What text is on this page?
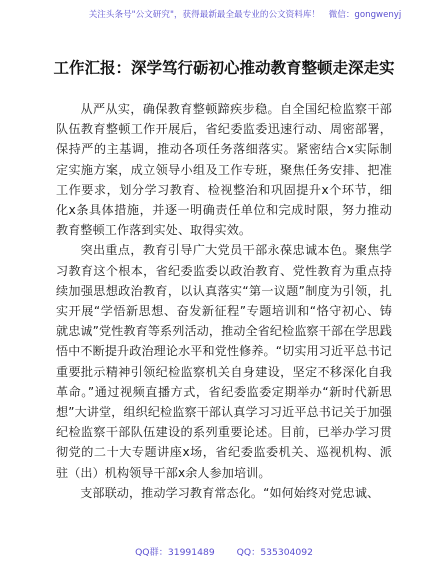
关注头条号"公文研究"，获得最新最全最专业的公文资料库！　微信：gongwenyj
工作汇报：深学笃行砺初心推动教育整顿走深走实

从严从实，确保教育整顿蹄疾步稳。自全国纪检监察干部队伍教育整顿工作开展后，省纪委监委迅速行动、周密部署，保持严的主基调，推动各项任务落细落实。紧密结合x实际制定实施方案，成立领导小组及工作专班，聚焦任务安排、把准工作要求，划分学习教育、检视整治和巩固提升x个环节，细化x条具体措施，并逐一明确责任单位和完成时限，努力推动教育整顿工作落到实处、取得实效。

突出重点，教育引导广大党员干部永葆忠诚本色。聚焦学习教育这个根本，省纪委监委以政治教育、党性教育为重点持续加强思想政治教育，以认真落实“第一议题”制度为引领，扎实开展“学悟新思想、奋发新征程”专题培训和“恪守初心、铸就忠诚”党性教育等系列活动，推动全省纪检监察干部在学思践悟中不断提升政治理论水平和党性修养。“切实用习近平总书记重要批示精神引领纪检监察机关自身建设，坚定不移深化自我革命。”通过视频直播方式，省纪委监委定期举办“新时代新思想”大讲堂，组织纪检监察干部认真学习习近平总书记关于加强纪检监察干部队伍建设的系列重要论述。目前，已举办学习贯彻党的二十大专题讲座x场，省纪委监委机关、巡视机构、派驻（出）机构领导干部x余人参加培训。

支部联动，推动学习教育常态化。“如何始终对党忠诚、

QQ群：31991489 QQ：535304092
